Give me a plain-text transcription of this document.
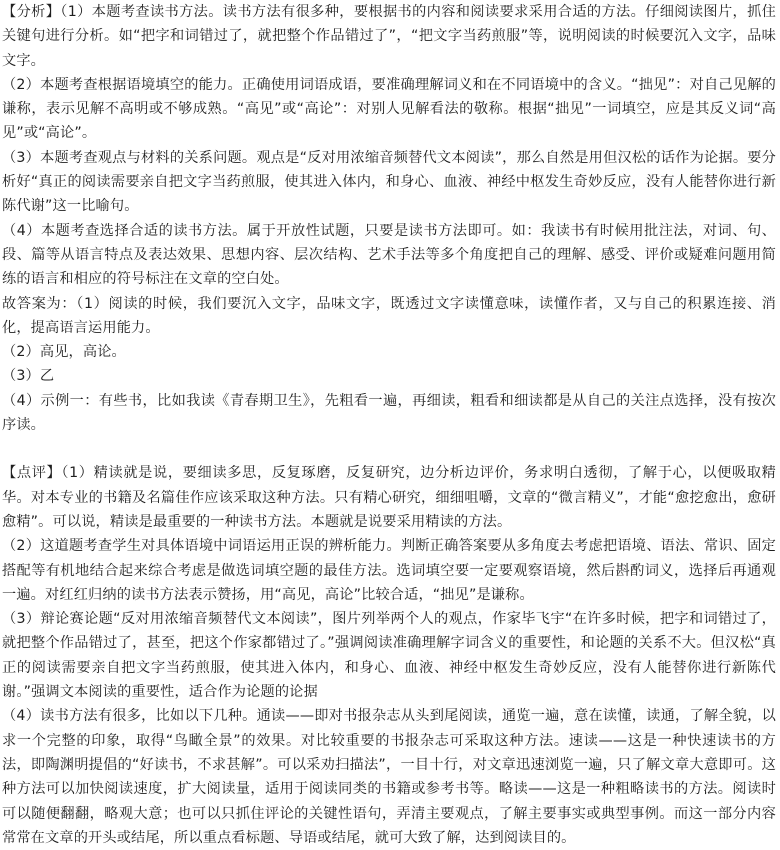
【分析】（1）本题考查读书方法。读书方法有很多种，要根据书的内容和阅读要求采用合适的方法。仔细阅读图片，抓住关键句进行分析。如“把字和词错过了，就把整个作品错过了”，“把文字当药煎服”等，说明阅读的时候要沉入文字，品味文字。

（2）本题考查根据语境填空的能力。正确使用词语成语，要准确理解词义和在不同语境中的含义。“拙见”：对自己见解的谦称，表示见解不高明或不够成熟。“高见”或“高论”：对别人见解看法的敬称。根据“拙见”一词填空，应是其反义词“高见”或“高论”。

（3）本题考查观点与材料的关系问题。观点是“反对用浓缩音频替代文本阅读”，那么自然是用但汉松的话作为论据。要分析好“真正的阅读需要亲自把文字当药煎服，使其进入体内，和身心、血液、神经中枢发生奇妙反应，没有人能替你进行新陈代谢”这一比喻句。

（4）本题考查选择合适的读书方法。属于开放性试题，只要是读书方法即可。如：我读书有时候用批注法，对词、句、段、篇等从语言特点及表达效果、思想内容、层次结构、艺术手法等多个角度把自己的理解、感受、评价或疑难问题用简练的语言和相应的符号标注在文章的空白处。

故答案为：（1）阅读的时候，我们要沉入文字，品味文字，既透过文字读懂意味，读懂作者，又与自己的积累连接、消化，提高语言运用能力。

（2）高见，高论。

（3）乙

（4）示例一：有些书，比如我读《青春期卫生》，先粗看一遍，再细读，粗看和细读都是从自己的关注点选择，没有按次序读。

【点评】（1）精读就是说，要细读多思，反复琢磨，反复研究，边分析边评价，务求明白透彻，了解于心，以便吸取精华。对本专业的书籍及名篇佳作应该采取这种方法。只有精心研究，细细咀嚼，文章的“微言精义”，才能“愈挖愈出，愈研愈精”。可以说，精读是最重要的一种读书方法。本题就是说要采用精读的方法。

（2）这道题考查学生对具体语境中词语运用正误的辨析能力。判断正确答案要从多角度去考虑把语境、语法、常识、固定搭配等有机地结合起来综合考虑是做选词填空题的最佳方法。选词填空要一定要观察语境，然后斟酌词义，选择后再通观一遍。对红红归纳的读书方法表示赞扬，用“高见，高论”比较合适，“拙见”是谦称。

（3）辩论赛论题“反对用浓缩音频替代文本阅读”，图片列举两个人的观点，作家毕飞宇“在许多时候，把字和词错过了，就把整个作品错过了，甚至，把这个作家都错过了。”强调阅读准确理解字词含义的重要性，和论题的关系不大。但汉松“真正的阅读需要亲自把文字当药煎服，使其进入体内，和身心、血液、神经中枢发生奇妙反应，没有人能替你进行新陈代谢。”强调文本阅读的重要性，适合作为论题的论据

（4）读书方法有很多，比如以下几种。通读——即对书报杂志从头到尾阅读，通览一遍，意在读懂，读通，了解全貌，以求一个完整的印象，取得“鸟瞰全景”的效果。对比较重要的书报杂志可采取这种方法。速读——这是一种快速读书的方法，即陶渊明提倡的“好读书，不求甚解”。可以采劝扫描法”，一目十行，对文章迅速浏览一遍，只了解文章大意即可。这种方法可以加快阅读速度，扩大阅读量，适用于阅读同类的书籍或参考书等。略读——这是一种粗略读书的方法。阅读时可以随便翻翻，略观大意；也可以只抓住评论的关键性语句，弄清主要观点，了解主要事实或典型事例。而这一部分内容常常在文章的开头或结尾，所以重点看标题、导语或结尾，就可大致了解，达到阅读目的。
